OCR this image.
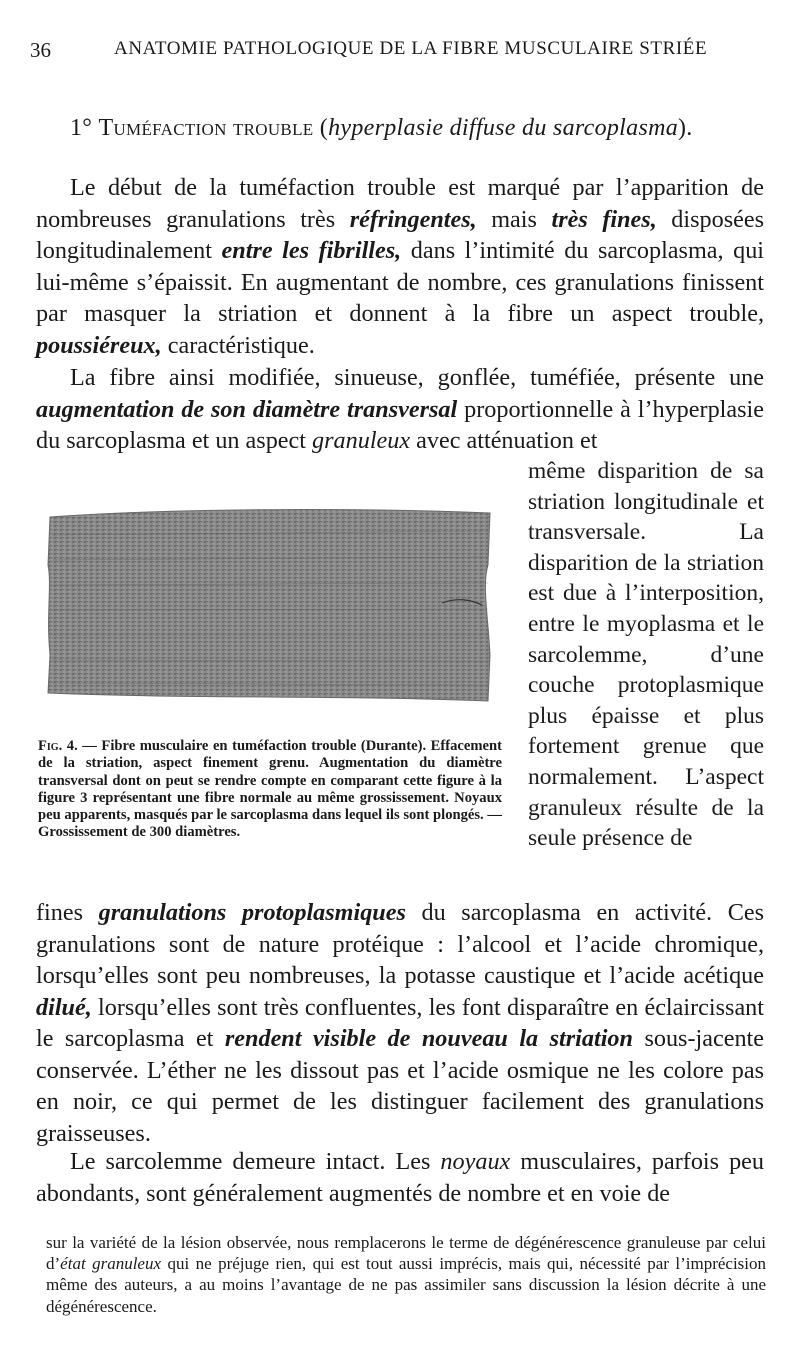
36	ANATOMIE PATHOLOGIQUE DE LA FIBRE MUSCULAIRE STRIÉE
1° Tuméfaction trouble (hyperplasie diffuse du sarcoplasma).

Le début de la tuméfaction trouble est marqué par l’apparition de nombreuses granulations très réfringentes, mais très fines, disposées longitudinalement entre les fibrilles, dans l’intimité du sarcoplasma, qui lui-même s’épaissit. En augmentant de nombre, ces granulations finissent par masquer la striation et donnent à la fibre un aspect trouble, poussiéreux, caractéristique.

La fibre ainsi modifiée, sinueuse, gonflée, tuméfiée, présente une augmentation de son diamètre transversal proportionnelle à l’hyperplasie du sarcoplasma et un aspect granuleux avec atténuation et

même disparition de sa striation longitudinale et transversale. La disparition de la striation est due à l’interposition, entre le myoplasma et le sarcolemme, d’une couche protoplasmique plus épaisse et plus fortement grenue que normalement. L’aspect granuleux résulte de la seule présence de

Fig. 4. — Fibre musculaire en tuméfaction trouble (Durante). Effacement de la striation, aspect finement grenu. Augmentation du diamètre transversal dont on peut se rendre compte en comparant cette figure à la figure 3 représentant une fibre normale au même grossissement. Noyaux peu apparents, masqués par le sarcoplasma dans lequel ils sont plongés. — Grossissement de 300 diamètres.

fines granulations protoplasmiques du sarcoplasma en activité. Ces granulations sont de nature protéique : l’alcool et l’acide chromique, lorsqu’elles sont peu nombreuses, la potasse caustique et l’acide acétique dilué, lorsqu’elles sont très confluentes, les font disparaître en éclaircissant le sarcoplasma et rendent visible de nouveau la striation sous-jacente conservée. L’éther ne les dissout pas et l’acide osmique ne les colore pas en noir, ce qui permet de les distinguer facilement des granulations graisseuses.

Le sarcolemme demeure intact. Les noyaux musculaires, parfois peu abondants, sont généralement augmentés de nombre et en voie de

sur la variété de la lésion observée, nous remplacerons le terme de dégénérescence granuleuse par celui d’état granuleux qui ne préjuge rien, qui est tout aussi imprécis, mais qui, nécessité par l’imprécision même des auteurs, a au moins l’avantage de ne pas assimiler sans discussion la lésion décrite à une dégénérescence.
